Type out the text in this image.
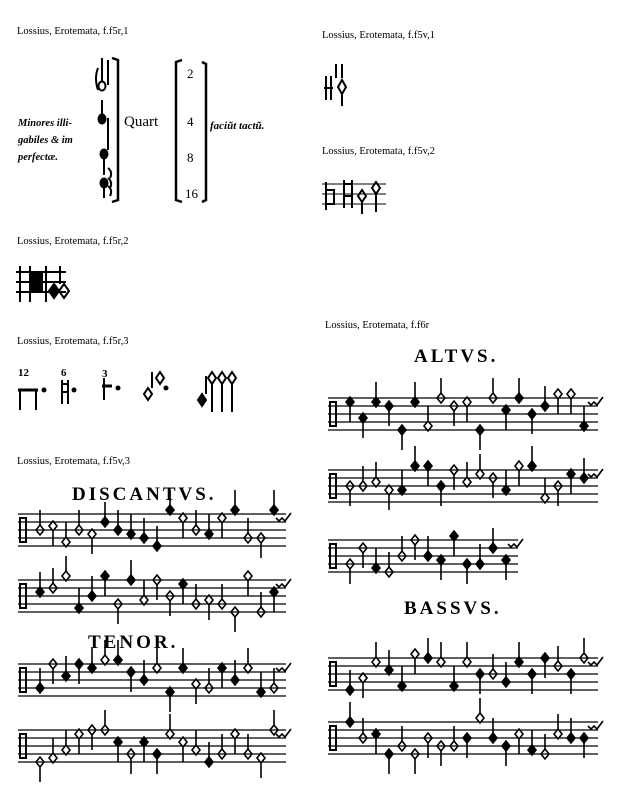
Lossius, Erotemata, f.f5r,1	Lossius, Erotemata, f.f5v,1
Lossius, Erotemata, f.f5v,2
Lossius, Erotemata, f.f5r,2
Lossius, Erotemata, f.f6r
Lossius, Erotemata, f.f5r,3
Lossius, Erotemata, f.f5v,3
Minores illi-
gabiles & im
perfectæ.
Quart	faciũt tactũ.
2
4
8
16
12	6	3
ALTVS.
DISCANTVS.
TENOR.
BASSVS.
